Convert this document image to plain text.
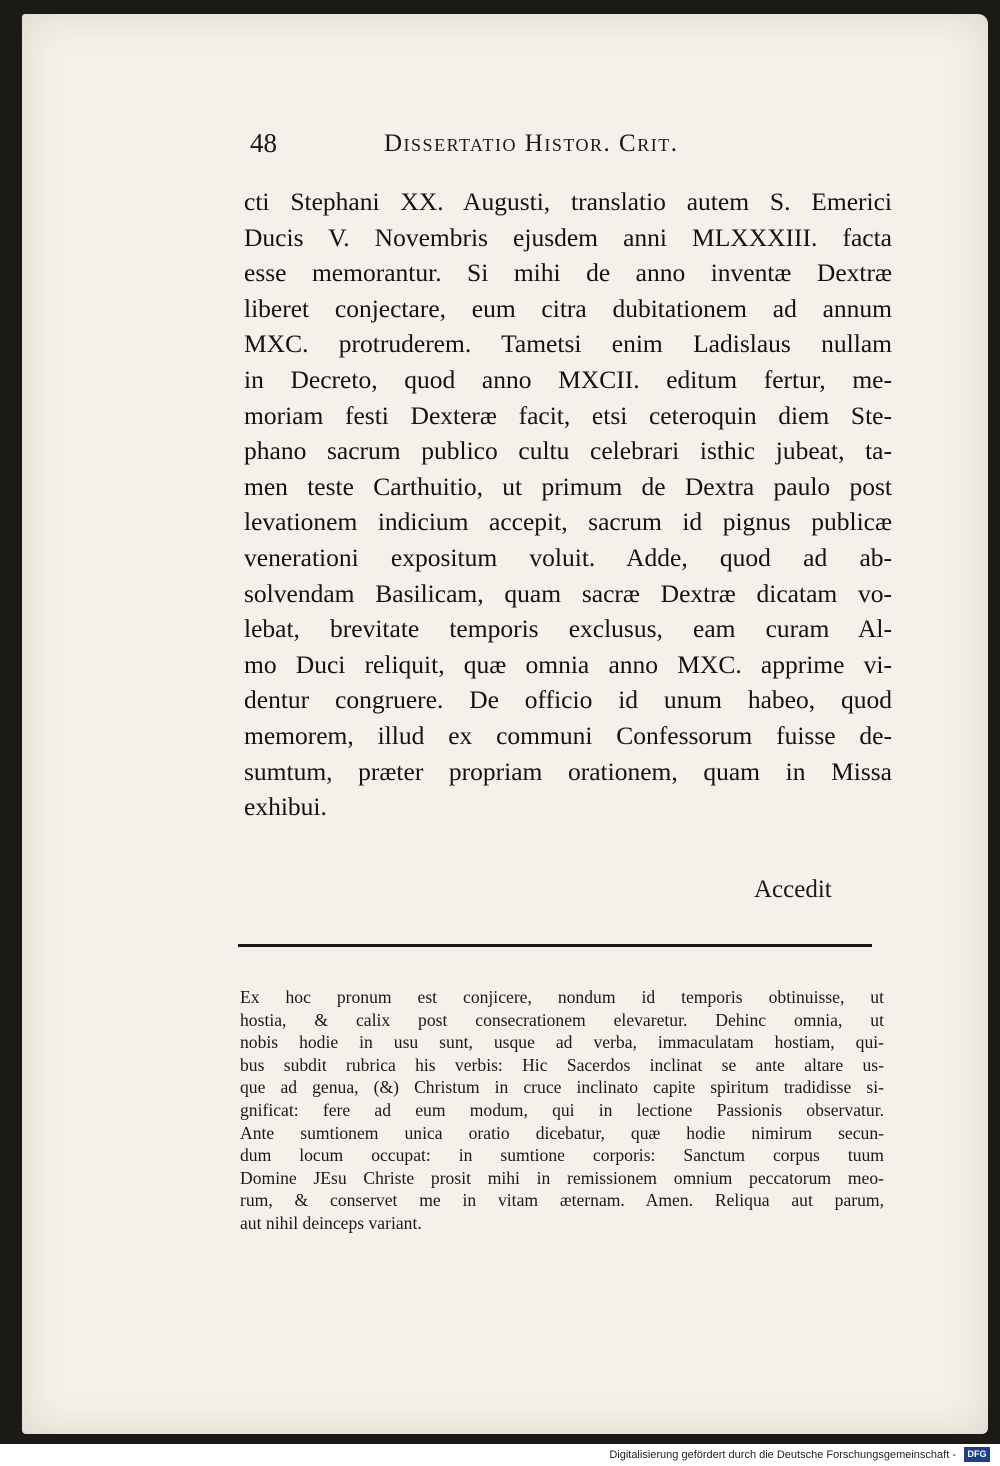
48	Dissertatio Histor. Crit.
cti Stephani XX. Augusti, translatio autem S. Emerici
Ducis V. Novembris ejusdem anni MLXXXIII. facta
esse memorantur. Si mihi de anno inventæ Dextræ
liberet conjectare, eum citra dubitationem ad annum
MXC. protruderem. Tametsi enim Ladislaus nullam
in Decreto, quod anno MXCII. editum fertur, me-
moriam festi Dexteræ facit, etsi ceteroquin diem Ste-
phano sacrum publico cultu celebrari isthic jubeat, ta-
men teste Carthuitio, ut primum de Dextra paulo post
levationem indicium accepit, sacrum id pignus publicæ
venerationi expositum voluit. Adde, quod ad ab-
solvendam Basilicam, quam sacræ Dextræ dicatam vo-
lebat, brevitate temporis exclusus, eam curam Al-
mo Duci reliquit, quæ omnia anno MXC. apprime vi-
dentur congruere. De officio id unum habeo, quod
memorem, illud ex communi Confessorum fuisse de-
sumtum, præter propriam orationem, quam in Missa
exhibui.
Accedit
Ex hoc pronum est conjicere, nondum id temporis obtinuisse, ut
hostia, & calix post consecrationem elevaretur. Dehinc omnia, ut
nobis hodie in usu sunt, usque ad verba, immaculatam hostiam, qui-
bus subdit rubrica his verbis: Hic Sacerdos inclinat se ante altare us-
que ad genua, (&) Christum in cruce inclinato capite spiritum tradidisse si-
gnificat: fere ad eum modum, qui in lectione Passionis observatur.
Ante sumtionem unica oratio dicebatur, quæ hodie nimirum secun-
dum locum occupat: in sumtione corporis: Sanctum corpus tuum
Domine JEsu Christe prosit mihi in remissionem omnium peccatorum meo-
rum, & conservet me in vitam æternam. Amen. Reliqua aut parum,
aut nihil deinceps variant.
Digitalisierung gefördert durch die Deutsche Forschungsgemeinschaft -	DFG
